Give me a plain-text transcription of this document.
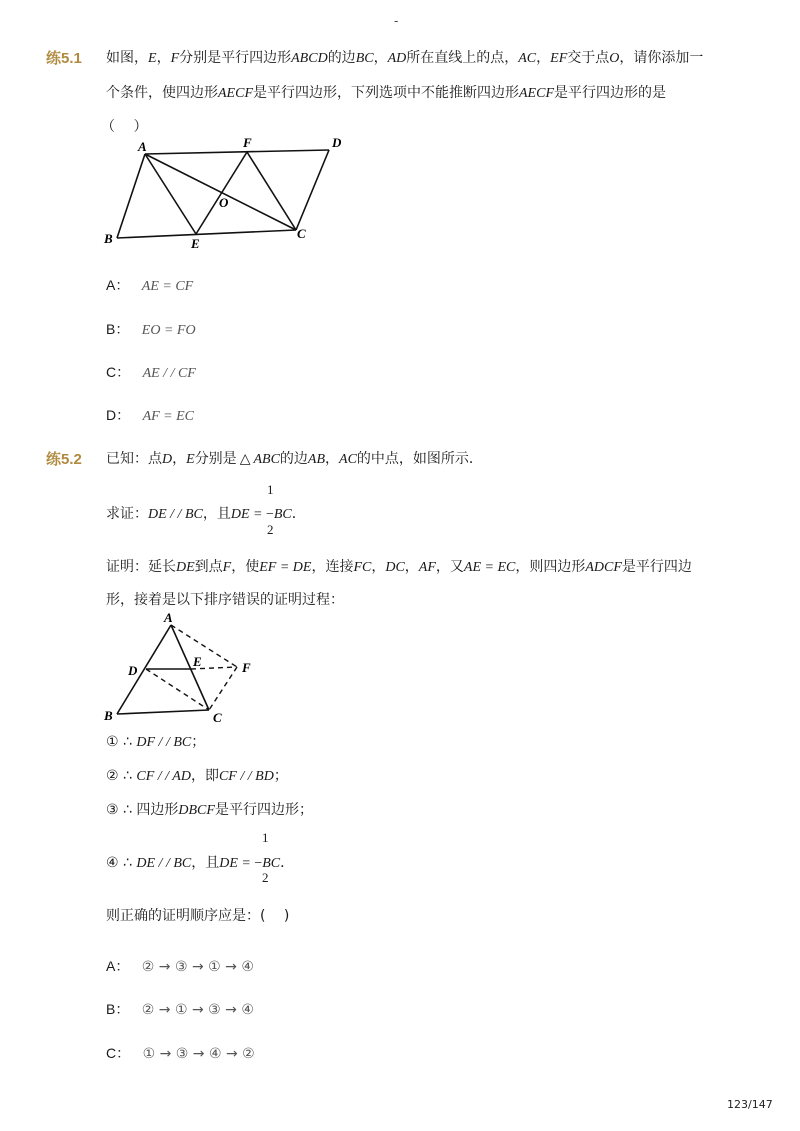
-
练5.1 如图，E，F分别是平行四边形ABCD的边BC，AD所在直线上的点，AC，EF交于点O，请你添加一
个条件，使四边形AECF是平行四边形，下列选项中不能推断四边形AECF是平行四边形的是
（　 ）
A	F	D
O
B	E
C
A： AE = CF
B： EO = FO
C： AE / / CF
D： AF = EC
练5.2 已知：点D，E分别是 △ ABC的边AB，AC的中点，如图所示．
1
求证：DE / / BC，且DE = −BC．
2
证明：延长DE到点F，使EF = DE，连接FC，DC，AF，又AE = EC，则四边形ADCF是平行四边
形，接着是以下排序错误的证明过程：
A
D
E	F
B	C
① ∴ DF / / BC；
② ∴ CF / / AD，即CF / / BD；
③ ∴ 四边形DBCF是平行四边形；
1
④ ∴ DE / / BC，且DE = −BC．
2
则正确的证明顺序应是：(　 )
A： ② → ③ → ① → ④
B： ② → ① → ③ → ④
C： ① → ③ → ④ → ②
123/147
